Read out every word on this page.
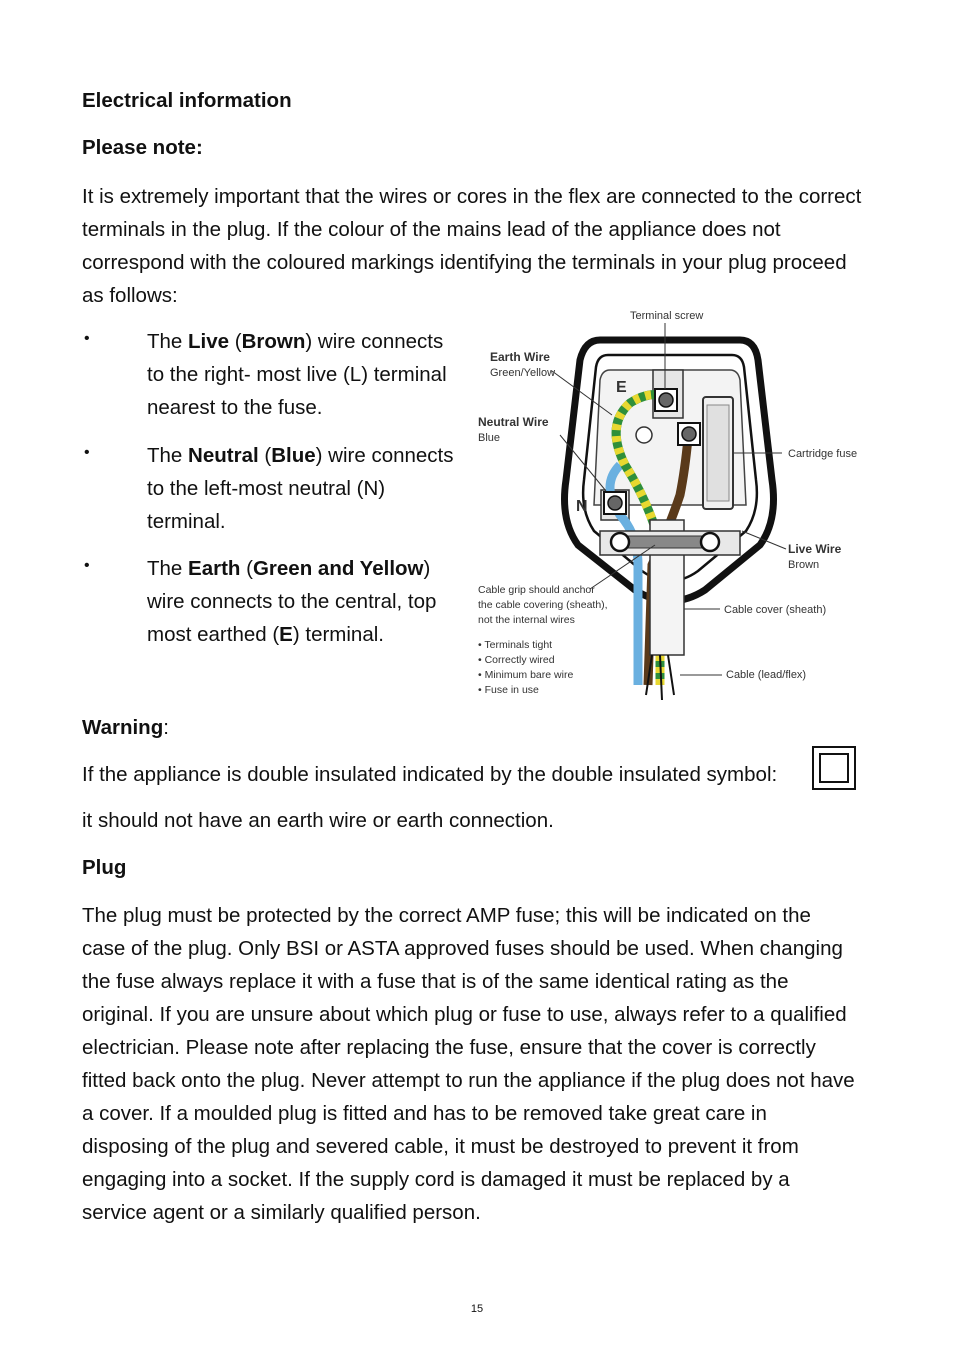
Electrical information
Please note:

It is extremely important that the wires or cores in the flex are connected to the correct terminals in the plug. If the colour of the mains lead of the appliance does not correspond with the coloured markings identifying the terminals in your plug proceed as follows:

•	The Live (Brown) wire connects to the right- most live (L) terminal nearest to the fuse.

•	The Neutral (Blue) wire connects to the left-most neutral (N) terminal.

•	The Earth (Green and Yellow) wire connects to the central, top most earthed (E) terminal.

E
N
Terminal screw
Earth Wire
Green/Yellow
Neutral Wire
Blue
Cartridge fuse
Live Wire
Brown
Cable grip should anchor
the cable covering (sheath),
not the internal wires
Cable cover (sheath)
• Terminals tight
• Correctly wired
• Minimum bare wire
• Fuse in use
Cable (lead/flex)
Warning:
If the appliance is double insulated indicated by the double insulated symbol:
it should not have an earth wire or earth connection.
Plug

The plug must be protected by the correct AMP fuse; this will be indicated on the case of the plug. Only BSI or ASTA approved fuses should be used. When changing the fuse always replace it with a fuse that is of the same identical rating as the original. If you are unsure about which plug or fuse to use, always refer to a qualified electrician. Please note after replacing the fuse, ensure that the cover is correctly fitted back onto the plug. Never attempt to run the appliance if the plug does not have a cover. If a moulded plug is fitted and has to be removed take great care in disposing of the plug and severed cable, it must be destroyed to prevent it from engaging into a socket. If the supply cord is damaged it must be replaced by a service agent or a similarly qualified person.

15
